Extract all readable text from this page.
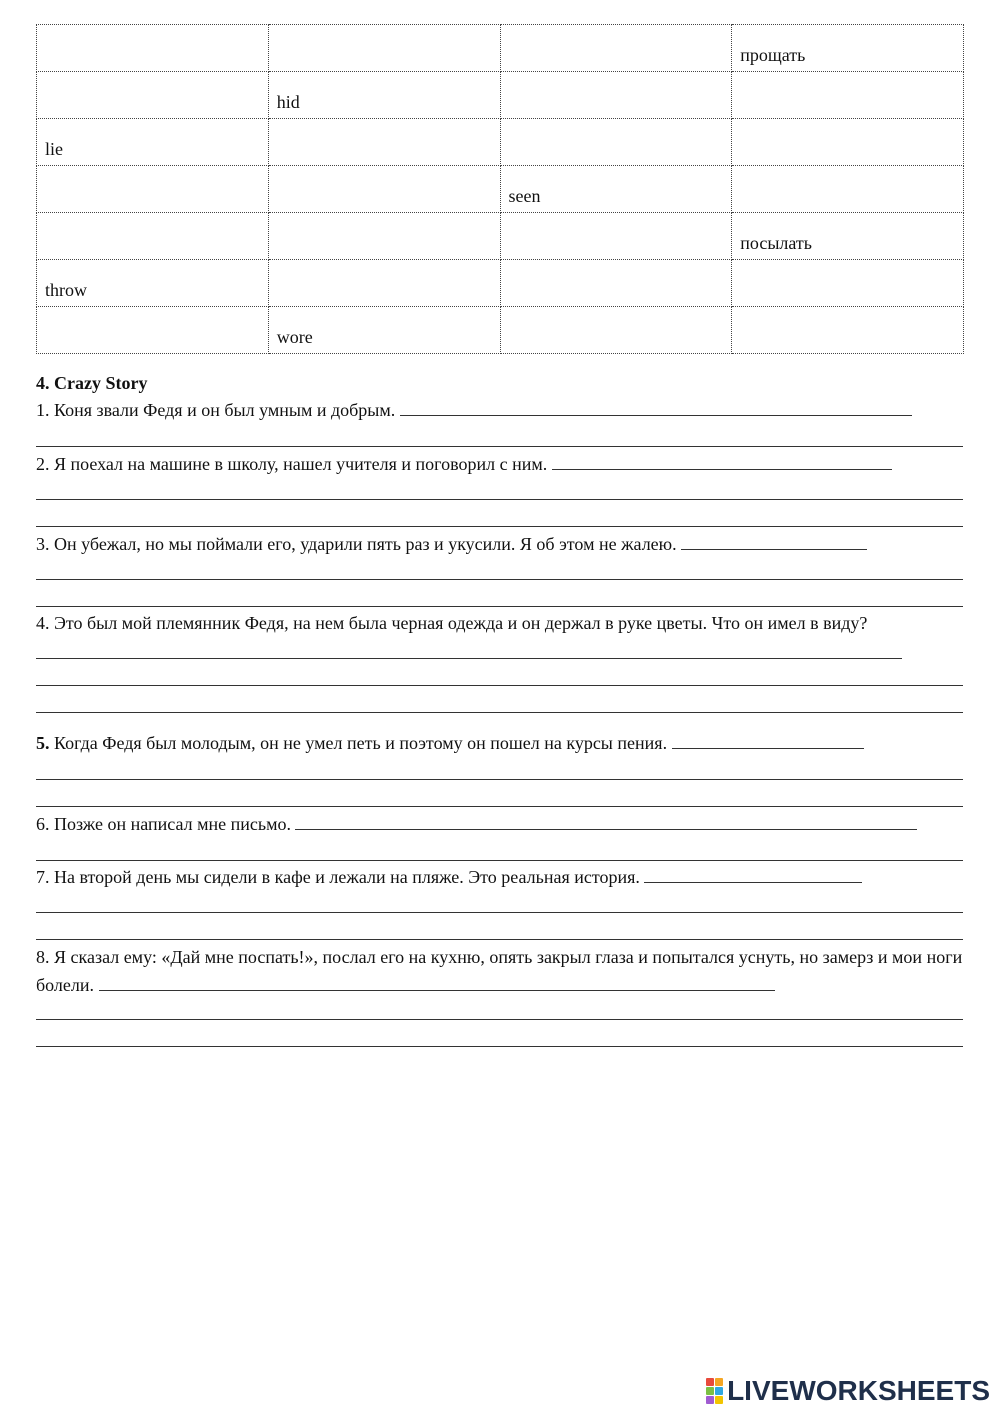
			прощать

	hid		

lie			

		seen	

			посылать

throw			

	wore		

4. Crazy Story

1. Коня звали Федя и он был умным и добрым.

2. Я поехал на машине в школу, нашел учителя и поговорил с ним.

3. Он убежал, но мы поймали его, ударили пять раз и укусили. Я об этом не жалею.

4. Это был мой племянник Федя, на нем была черная одежда и он держал в руке цветы. Что он имел в виду?

5. Когда Федя был молодым, он не умел петь и поэтому он пошел на курсы пения.

6. Позже он написал мне письмо.

7. На второй день мы сидели в кафе и лежали на пляже. Это реальная история.

8. Я сказал ему: «Дай мне поспать!», послал его на кухню, опять закрыл глаза и попытался уснуть, но замерз и мои ноги болели.

LIVEWORKSHEETS
